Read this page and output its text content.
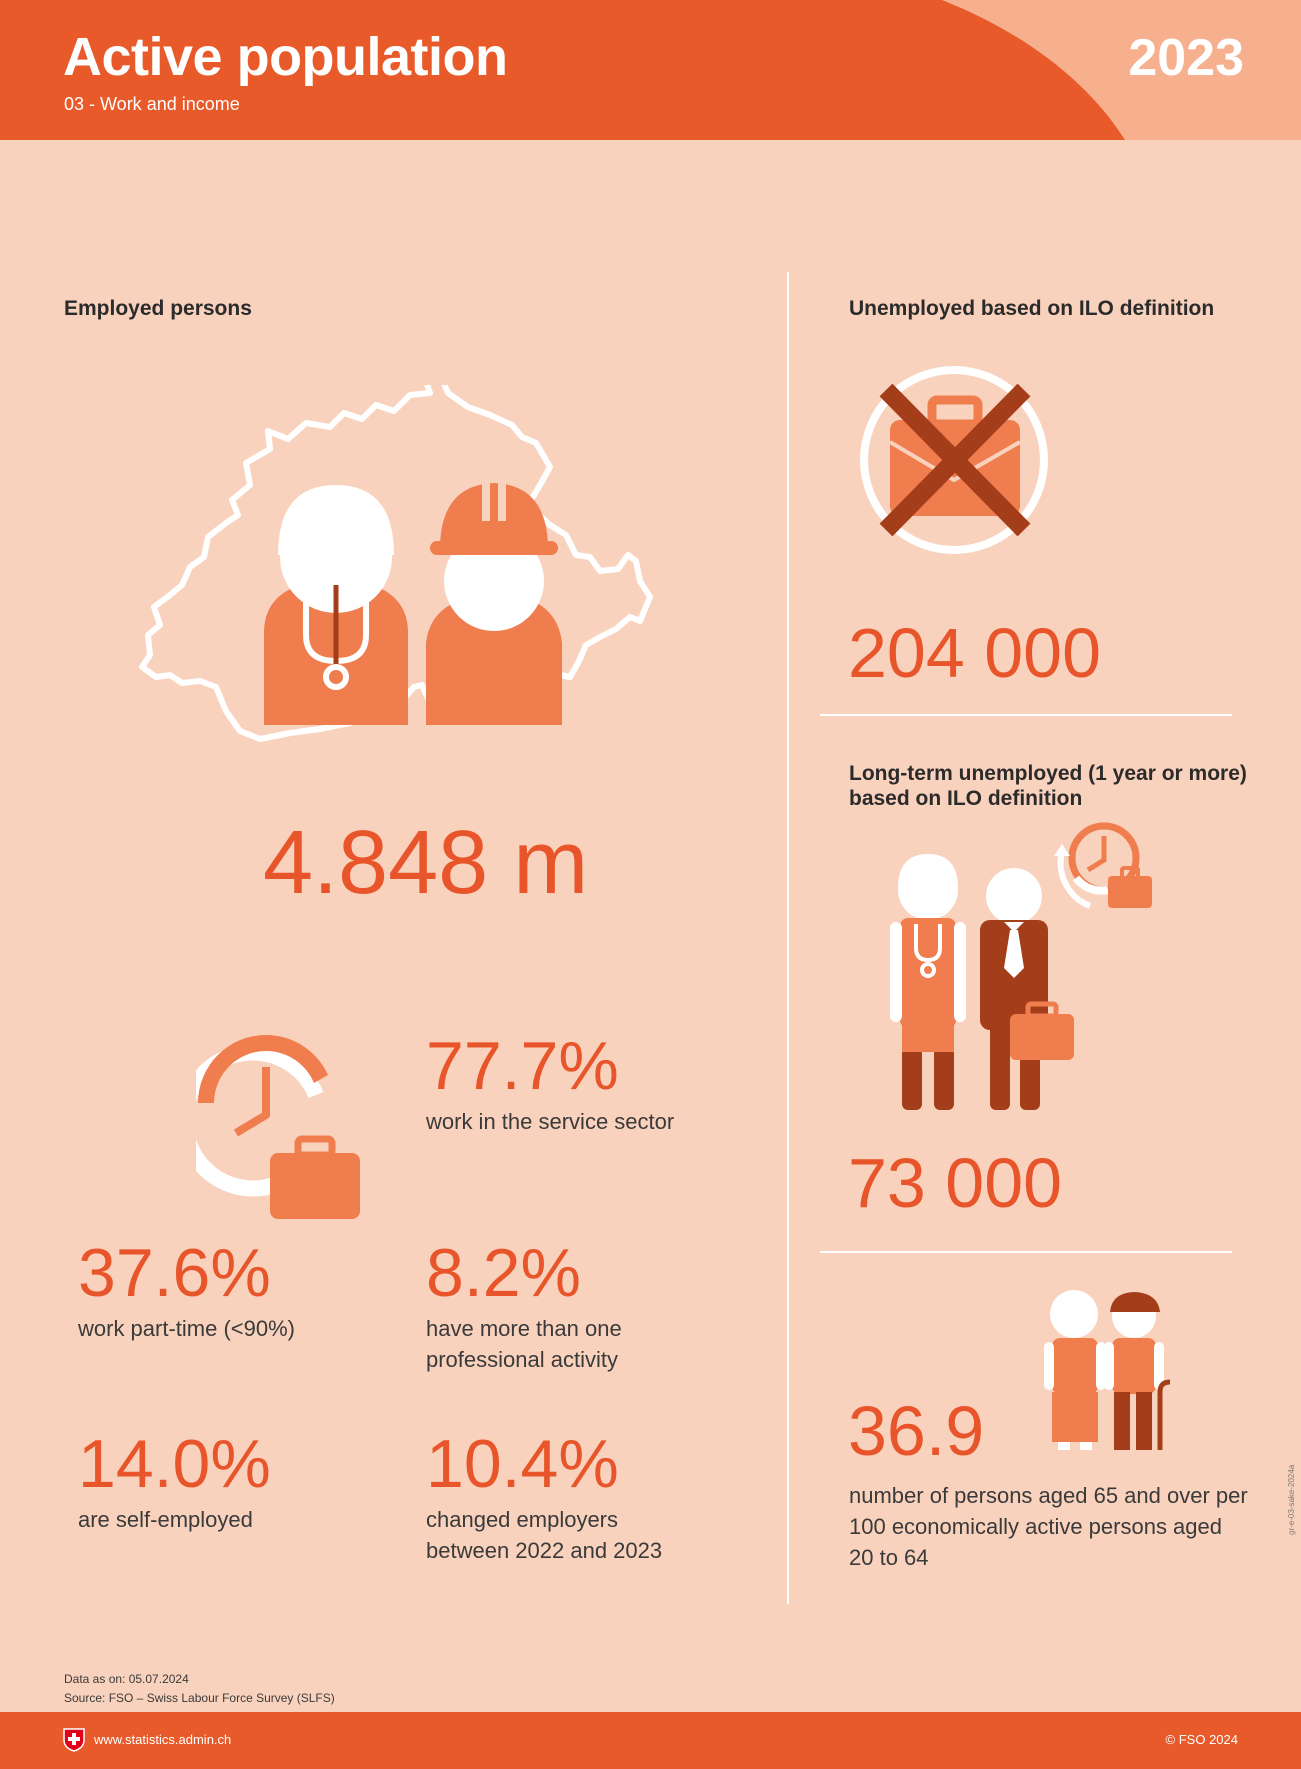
Active population
03 - Work and income
2023
Employed persons
4.848 m
77.7%
work in the service sector
37.6%
work part-time (<90%)
8.2%
have more than one professional activity
14.0%
are self-employed
10.4%
changed employers between 2022 and 2023
Unemployed based on ILO definition
204 000
Long-term unemployed (1 year or more) based on ILO definition
73 000
36.9
number of persons aged 65 and over per 100 economically active persons aged 20 to 64
Data as on: 05.07.2024
Source: FSO – Swiss Labour Force Survey (SLFS)
gr-e-03-sake-2024a
www.statistics.admin.ch	© FSO 2024
